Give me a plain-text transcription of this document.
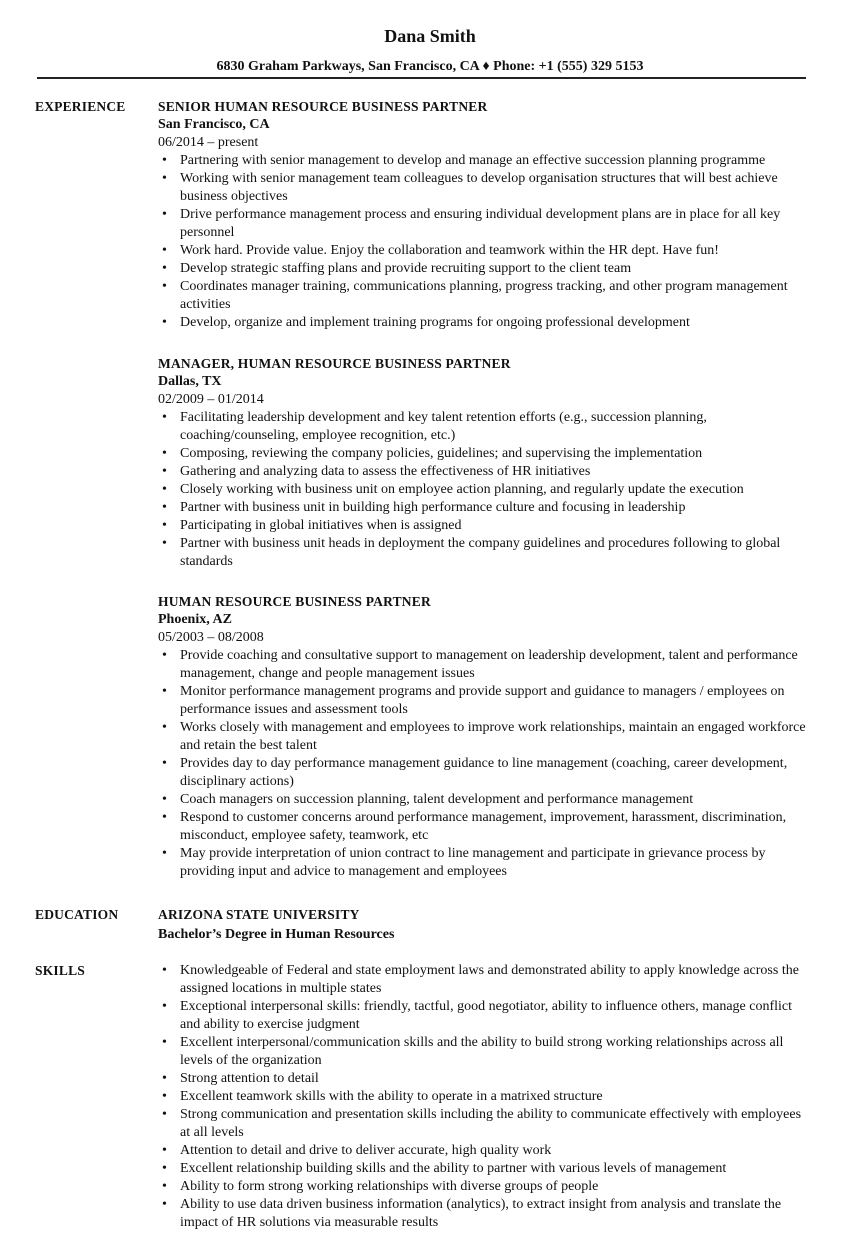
Dana Smith
6830 Graham Parkways, San Francisco, CA ♦ Phone: +1 (555) 329 5153
EXPERIENCE SENIOR HUMAN RESOURCE BUSINESS PARTNER
San Francisco, CA
06/2014 – present
• Partnering with senior management to develop and manage an effective succession planning programme
• Working with senior management team colleagues to develop organisation structures that will best achieve business objectives
• Drive performance management process and ensuring individual development plans are in place for all key personnel
• Work hard. Provide value. Enjoy the collaboration and teamwork within the HR dept. Have fun!
• Develop strategic staffing plans and provide recruiting support to the client team
• Coordinates manager training, communications planning, progress tracking, and other program management activities
• Develop, organize and implement training programs for ongoing professional development
MANAGER, HUMAN RESOURCE BUSINESS PARTNER
Dallas, TX
02/2009 – 01/2014
• Facilitating leadership development and key talent retention efforts (e.g., succession planning, coaching/counseling, employee recognition, etc.)
• Composing, reviewing the company policies, guidelines; and supervising the implementation
• Gathering and analyzing data to assess the effectiveness of HR initiatives
• Closely working with business unit on employee action planning, and regularly update the execution
• Partner with business unit in building high performance culture and focusing in leadership
• Participating in global initiatives when is assigned
• Partner with business unit heads in deployment the company guidelines and procedures following to global standards
HUMAN RESOURCE BUSINESS PARTNER
Phoenix, AZ
05/2003 – 08/2008
• Provide coaching and consultative support to management on leadership development, talent and performance management, change and people management issues
• Monitor performance management programs and provide support and guidance to managers / employees on performance issues and assessment tools
• Works closely with management and employees to improve work relationships, maintain an engaged workforce and retain the best talent
• Provides day to day performance management guidance to line management (coaching, career development, disciplinary actions)
• Coach managers on succession planning, talent development and performance management
• Respond to customer concerns around performance management, improvement, harassment, discrimination, misconduct, employee safety, teamwork, etc
• May provide interpretation of union contract to line management and participate in grievance process by providing input and advice to management and employees
EDUCATION	ARIZONA STATE UNIVERSITY
Bachelor’s Degree in Human Resources
SKILLS	• Knowledgeable of Federal and state employment laws and demonstrated ability to apply knowledge across the assigned locations in multiple states
• Exceptional interpersonal skills: friendly, tactful, good negotiator, ability to influence others, manage conflict and ability to exercise judgment
• Excellent interpersonal/communication skills and the ability to build strong working relationships across all levels of the organization
• Strong attention to detail
• Excellent teamwork skills with the ability to operate in a matrixed structure
• Strong communication and presentation skills including the ability to communicate effectively with employees at all levels
• Attention to detail and drive to deliver accurate, high quality work
• Excellent relationship building skills and the ability to partner with various levels of management
• Ability to form strong working relationships with diverse groups of people
• Ability to use data driven business information (analytics), to extract insight from analysis and translate the impact of HR solutions via measurable results
